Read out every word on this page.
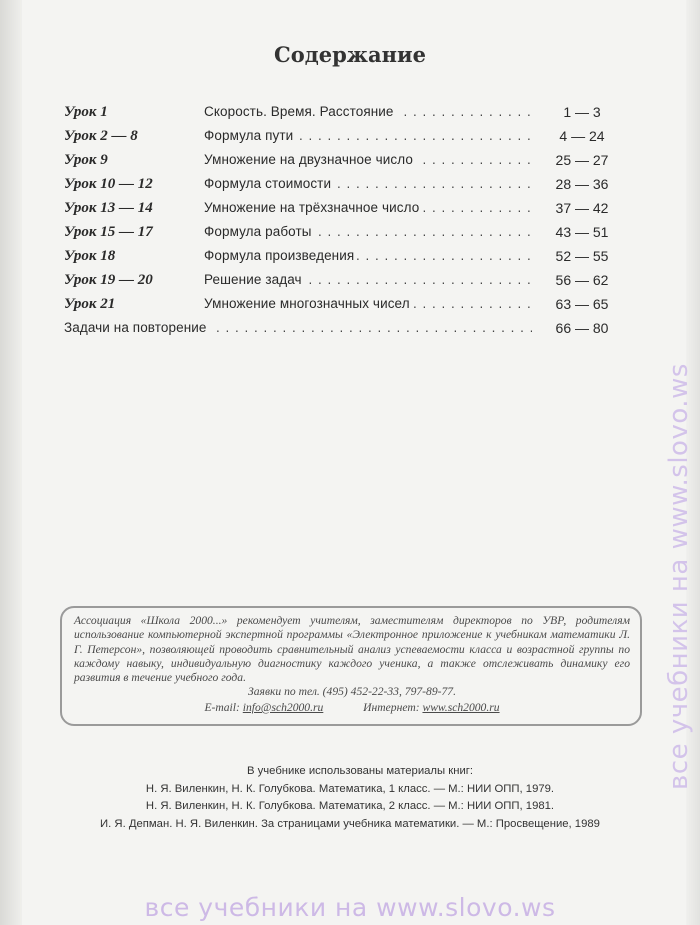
Содержание
Урок 1	Скорость. Время. Расстояние . . .	1 — 3
Урок 2 — 8	Формула пути . . .	4 — 24
Урок 9	Умножение на двузначное число . . .	25 — 27
Урок 10 — 12	Формула стоимости . . .	28 — 36
Урок 13 — 14	Умножение на трёхзначное число . . .	37 — 42
Урок 15 — 17	Формула работы . . .	43 — 51
Урок 18	Формула произведения . . .	52 — 55
Урок 19 — 20	Решение задач . . .	56 — 62
Урок 21	Умножение многозначных чисел . . .	63 — 65
Задачи на повторение . . .	66 — 80
Ассоциация «Школа 2000...» рекомендует учителям, заместителям директоров по УВР, родителям использование компьютерной экспертной программы «Электронное приложение к учебникам математики Л. Г. Петерсон», позволяющей проводить сравнительный анализ успеваемости класса и возрастной группы по каждому навыку, индивидуальную диагностику каждого ученика, а также отслеживать динамику его развития в течение учебного года.
Заявки по тел. (495) 452-22-33, 797-89-77.
E-mail: info@sch2000.ru	Интернет: www.sch2000.ru
В учебнике использованы материалы книг:
Н. Я. Виленкин, Н. К. Голубкова. Математика, 1 класс. — М.: НИИ ОПП, 1979.
Н. Я. Виленкин, Н. К. Голубкова. Математика, 2 класс. — М.: НИИ ОПП, 1981.
И. Я. Депман. Н. Я. Виленкин. За страницами учебника математики. — М.: Просвещение, 1989
все учебники на www.slovo.ws
все учебники на www.slovo.ws
